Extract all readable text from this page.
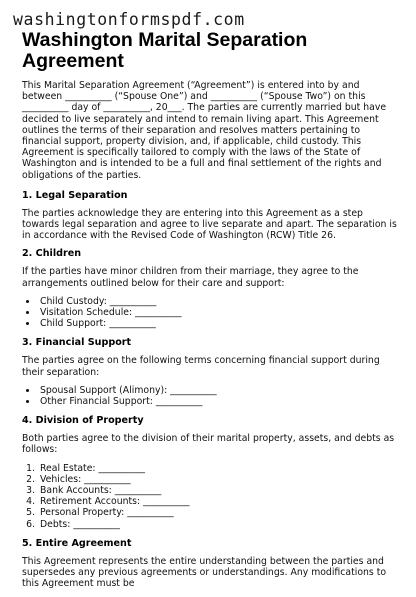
washingtonformspdf.com
Washington Marital Separation Agreement

This Marital Separation Agreement (“Agreement”) is entered into by and between __________ (“Spouse One”) and __________ (“Spouse Two”) on this __________ day of __________, 20___. The parties are currently married but have decided to live separately and intend to remain living apart. This Agreement outlines the terms of their separation and resolves matters pertaining to financial support, property division, and, if applicable, child custody. This Agreement is specifically tailored to comply with the laws of the State of Washington and is intended to be a full and final settlement of the rights and obligations of the parties.

1. Legal Separation

The parties acknowledge they are entering into this Agreement as a step towards legal separation and agree to live separate and apart. The separation is in accordance with the Revised Code of Washington (RCW) Title 26.

2. Children

If the parties have minor children from their marriage, they agree to the arrangements outlined below for their care and support:

• Child Custody: __________
• Visitation Schedule: __________
• Child Support: __________
3. Financial Support

The parties agree on the following terms concerning financial support during their separation:

• Spousal Support (Alimony): __________
• Other Financial Support: __________
4. Division of Property

Both parties agree to the division of their marital property, assets, and debts as follows:

1. Real Estate: __________
2. Vehicles: __________
3. Bank Accounts: __________
4. Retirement Accounts: __________
5. Personal Property: __________
6. Debts: __________
5. Entire Agreement

This Agreement represents the entire understanding between the parties and supersedes any previous agreements or understandings. Any modifications to this Agreement must be
